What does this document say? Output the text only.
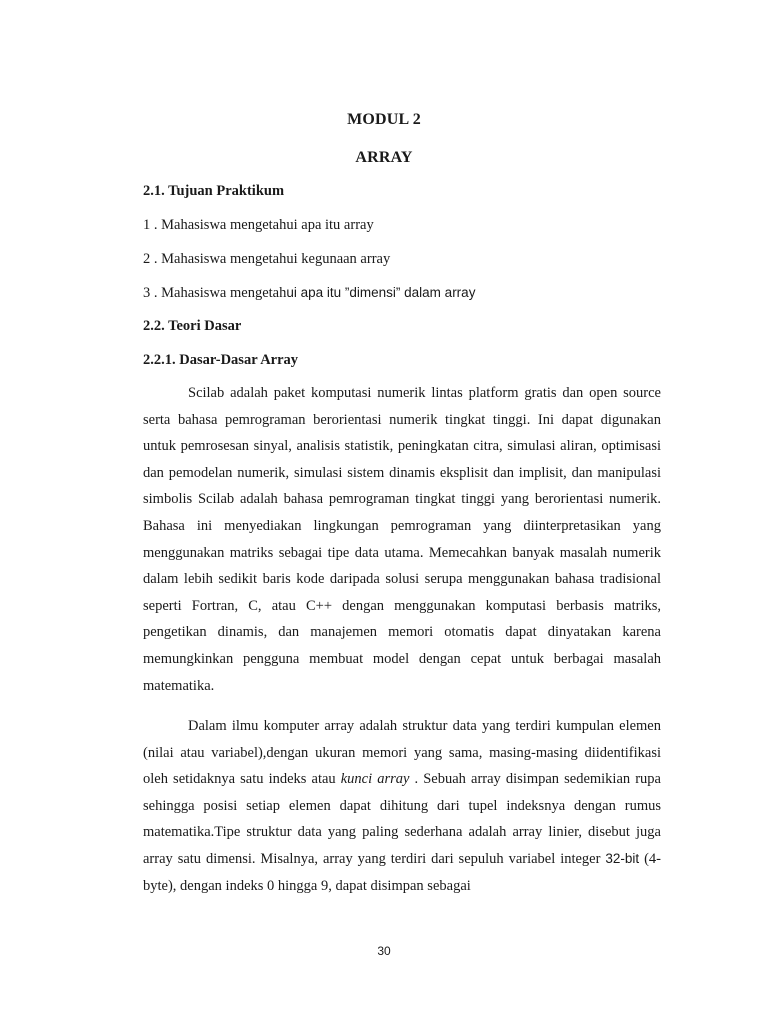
MODUL 2
ARRAY
2.1. Tujuan Praktikum
1 . Mahasiswa mengetahui apa itu array
2 . Mahasiswa mengetahui kegunaan array
3 . Mahasiswa mengetahui apa itu ”dimensi” dalam array
2.2. Teori Dasar
2.2.1. Dasar-Dasar Array

Scilab adalah paket komputasi numerik lintas platform gratis dan open source serta bahasa pemrograman berorientasi numerik tingkat tinggi. Ini dapat digunakan untuk pemrosesan sinyal, analisis statistik, peningkatan citra, simulasi aliran, optimisasi dan pemodelan numerik, simulasi sistem dinamis eksplisit dan implisit, dan manipulasi simbolis Scilab adalah bahasa pemrograman tingkat tinggi yang berorientasi numerik. Bahasa ini menyediakan lingkungan pemrograman yang diinterpretasikan yang menggunakan matriks sebagai tipe data utama. Memecahkan banyak masalah numerik dalam lebih sedikit baris kode daripada solusi serupa menggunakan bahasa tradisional seperti Fortran, C, atau C++ dengan menggunakan komputasi berbasis matriks, pengetikan dinamis, dan manajemen memori otomatis dapat dinyatakan karena memungkinkan pengguna membuat model dengan cepat untuk berbagai masalah matematika.

Dalam ilmu komputer array adalah struktur data yang terdiri kumpulan elemen (nilai atau variabel),dengan ukuran memori yang sama, masing-masing diidentifikasi oleh setidaknya satu indeks atau kunci array . Sebuah array disimpan sedemikian rupa sehingga posisi setiap elemen dapat dihitung dari tupel indeksnya dengan rumus matematika.Tipe struktur data yang paling sederhana adalah array linier, disebut juga array satu dimensi. Misalnya, array yang terdiri dari sepuluh variabel integer 32-bit (4-byte), dengan indeks 0 hingga 9, dapat disimpan sebagai

30
